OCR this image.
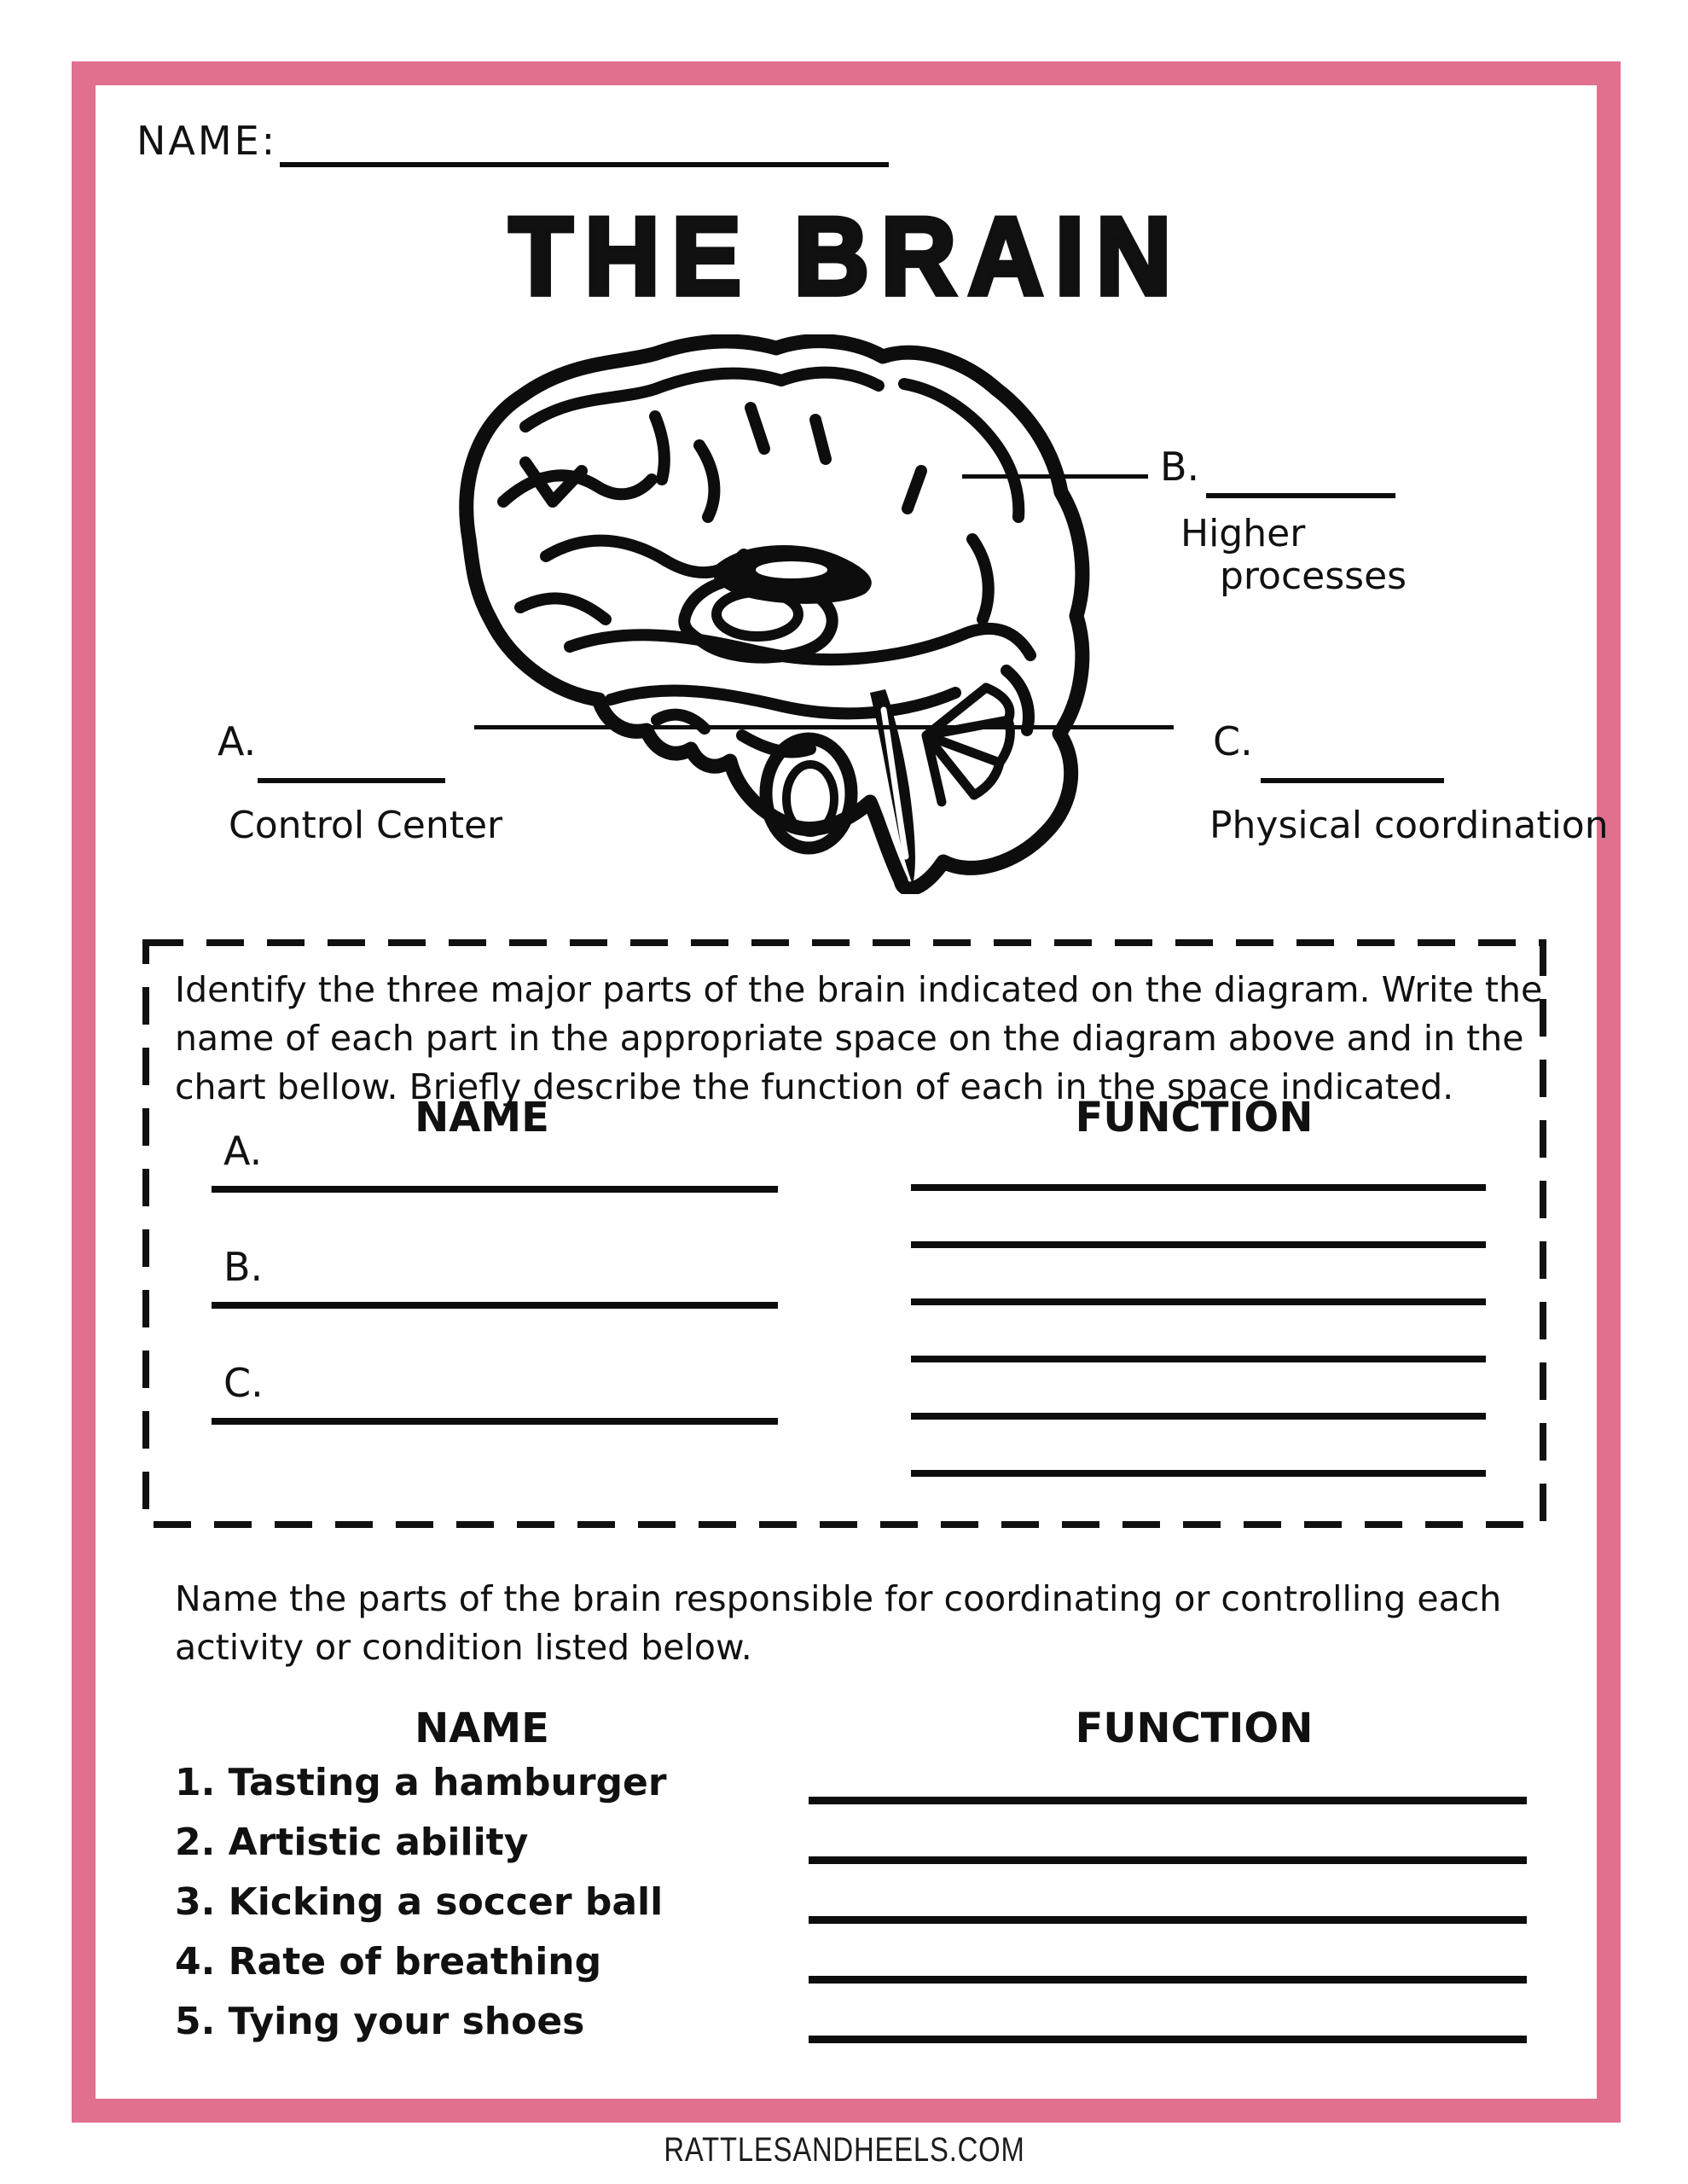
NAME:
THE BRAIN
A.
Control Center
B.
Higher
processes
C.
Physical coordination
Identify the three major parts of the brain indicated on the diagram. Write the
name of each part in the appropriate space on the diagram above and in the
chart bellow. Briefly describe the function of each in the space indicated.
NAME	FUNCTION
A.
B.
C.
Name the parts of the brain responsible for coordinating or controlling each
activity or condition listed below.
NAME	FUNCTION
1. Tasting a hamburger
2. Artistic ability
3. Kicking a soccer ball
4. Rate of breathing
5. Tying your shoes
RATTLESANDHEELS.COM
